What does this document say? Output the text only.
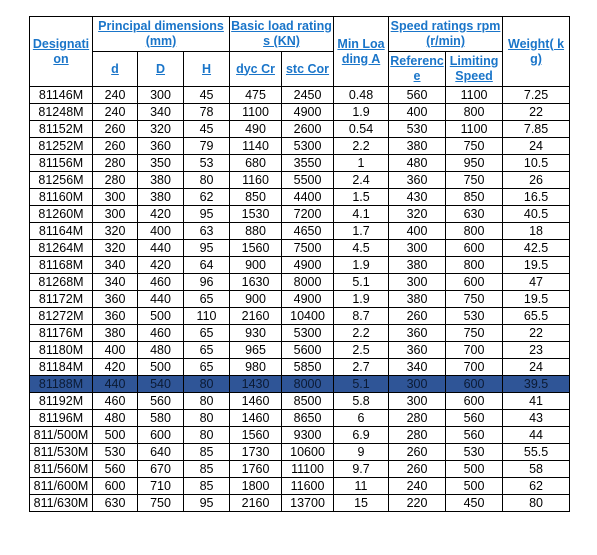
Designation	Principal dimensions (mm)			Basic load ratings (KN)		Min Loading A	Speed ratings rpm (r/min)		Weight( kg)
	d	D	H	dyc Cr	stc Cor		Reference	Limiting Speed	
81146M	240	300	45	475	2450	0.48	560	1100	7.25
81248M	240	340	78	1100	4900	1.9	400	800	22
81152M	260	320	45	490	2600	0.54	530	1100	7.85
81252M	260	360	79	1140	5300	2.2	380	750	24
81156M	280	350	53	680	3550	1	480	950	10.5
81256M	280	380	80	1160	5500	2.4	360	750	26
81160M	300	380	62	850	4400	1.5	430	850	16.5
81260M	300	420	95	1530	7200	4.1	320	630	40.5
81164M	320	400	63	880	4650	1.7	400	800	18
81264M	320	440	95	1560	7500	4.5	300	600	42.5
81168M	340	420	64	900	4900	1.9	380	800	19.5
81268M	340	460	96	1630	8000	5.1	300	600	47
81172M	360	440	65	900	4900	1.9	380	750	19.5
81272M	360	500	110	2160	10400	8.7	260	530	65.5
81176M	380	460	65	930	5300	2.2	360	750	22
81180M	400	480	65	965	5600	2.5	360	700	23
81184M	420	500	65	980	5850	2.7	340	700	24
81188M	440	540	80	1430	8000	5.1	300	600	39.5
81192M	460	560	80	1460	8500	5.8	300	600	41
81196M	480	580	80	1460	8650	6	280	560	43
811/500M	500	600	80	1560	9300	6.9	280	560	44
811/530M	530	640	85	1730	10600	9	260	530	55.5
811/560M	560	670	85	1760	11100	9.7	260	500	58
811/600M	600	710	85	1800	11600	11	240	500	62
811/630M	630	750	95	2160	13700	15	220	450	80
